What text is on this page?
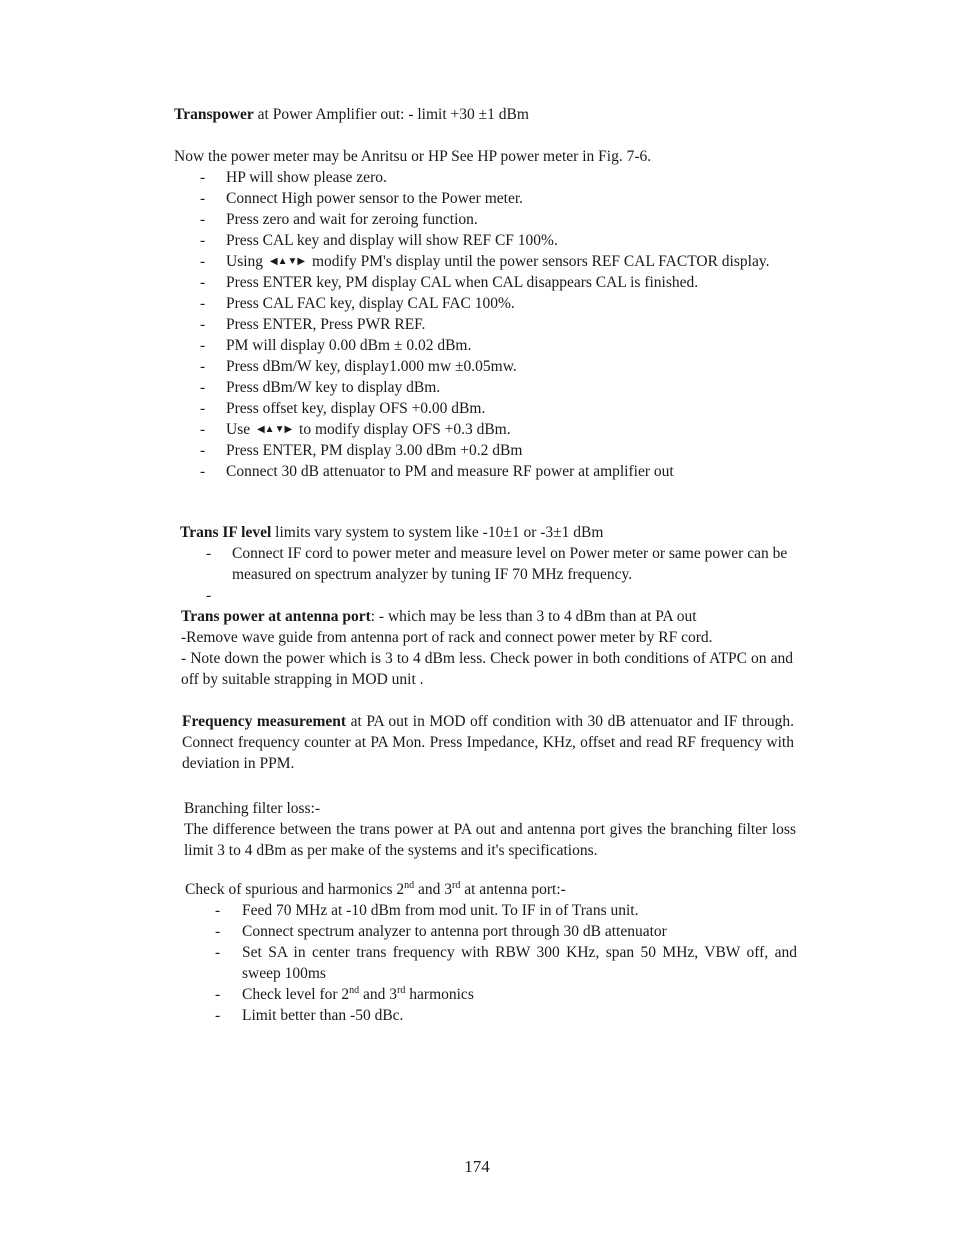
Transpower at Power Amplifier out: - limit +30 ±1 dBm

Now the power meter may be Anritsu or HP See HP power meter in Fig. 7-6.

- HP will show please zero.
- Connect High power sensor to the Power meter.
- Press zero and wait for zeroing function.
- Press CAL key and display will show REF CF 100%.
- Using ◀▲▼▶ modify PM's display until the power sensors REF CAL FACTOR display.
- Press ENTER key, PM display CAL when CAL disappears CAL is finished.
- Press CAL FAC key, display CAL FAC 100%.
- Press ENTER, Press PWR REF.
- PM will display 0.00 dBm ± 0.02 dBm.
- Press dBm/W key, display1.000 mw ±0.05mw.
- Press dBm/W key to display dBm.
- Press offset key, display OFS +0.00 dBm.
- Use ◀▲▼▶ to modify display OFS +0.3 dBm.
- Press ENTER, PM display 3.00 dBm +0.2 dBm
- Connect 30 dB attenuator to PM and measure RF power at amplifier out

Trans IF level limits vary system to system like -10±1 or -3±1 dBm

- Connect IF cord to power meter and measure level on Power meter or same power can be measured on spectrum analyzer by tuning IF 70 MHz frequency.
-

Trans power at antenna port: - which may be less than 3 to 4 dBm than at PA out

-Remove wave guide from antenna port of rack and connect power meter by RF cord.

- Note down the power which is 3 to 4 dBm less. Check power in both conditions of ATPC on and off by suitable strapping in MOD unit .

Frequency measurement at PA out in MOD off condition with 30 dB attenuator and IF through. Connect frequency counter at PA Mon. Press Impedance, KHz, offset and read RF frequency with deviation in PPM.

Branching filter loss:-

The difference between the trans power at PA out and antenna port gives the branching filter loss limit 3 to 4 dBm as per make of the systems and it's specifications.

Check of spurious and harmonics 2nd and 3rd at antenna port:-

- Feed 70 MHz at -10 dBm from mod unit. To IF in of Trans unit.
- Connect spectrum analyzer to antenna port through 30 dB attenuator
- Set SA in center trans frequency with RBW 300 KHz, span 50 MHz, VBW off, and sweep 100ms
- Check level for 2nd and 3rd harmonics
- Limit better than -50 dBc.
174
